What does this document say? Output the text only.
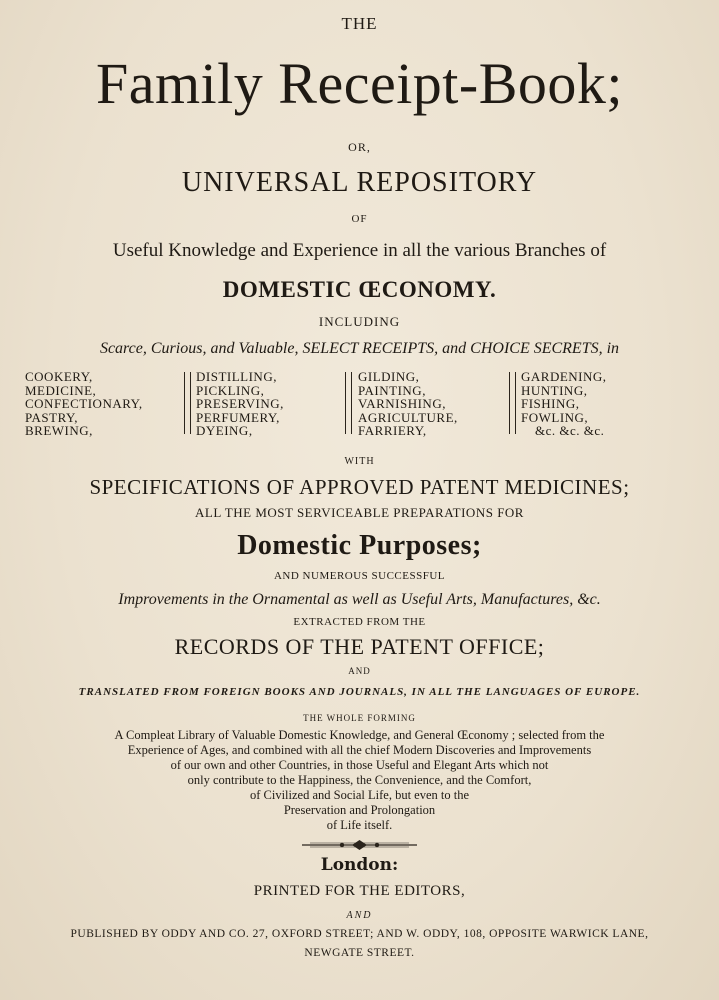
THE
Family Receipt-Book;
OR,
UNIVERSAL REPOSITORY
OF
Useful Knowledge and Experience in all the various Branches of
DOMESTIC ŒCONOMY.
INCLUDING
Scarce, Curious, and Valuable, SELECT RECEIPTS, and CHOICE SECRETS, in
COOKERY,
MEDICINE,
CONFECTIONARY,
PASTRY,
BREWING,
DISTILLING,
PICKLING,
PRESERVING,
PERFUMERY,
DYEING,
GILDING,
PAINTING,
VARNISHING,
AGRICULTURE,
FARRIERY,
GARDENING,
HUNTING,
FISHING,
FOWLING,
&c. &c. &c.
WITH
SPECIFICATIONS OF APPROVED PATENT MEDICINES;
ALL THE MOST SERVICEABLE PREPARATIONS FOR
Domestic Purposes;
AND NUMEROUS SUCCESSFUL
Improvements in the Ornamental as well as Useful Arts, Manufactures, &c.
EXTRACTED FROM THE
RECORDS OF THE PATENT OFFICE;
AND
TRANSLATED FROM FOREIGN BOOKS AND JOURNALS, IN ALL THE LANGUAGES OF EUROPE.
THE WHOLE FORMING
A Compleat Library of Valuable Domestic Knowledge, and General Œconomy ; selected from the
Experience of Ages, and combined with all the chief Modern Discoveries and Improvements
of our own and other Countries, in those Useful and Elegant Arts which not
only contribute to the Happiness, the Convenience, and the Comfort,
of Civilized and Social Life, but even to the
Preservation and Prolongation
of Life itself.
London:
PRINTED FOR THE EDITORS,
AND
PUBLISHED BY ODDY AND CO. 27, OXFORD STREET; AND W. ODDY, 108, OPPOSITE WARWICK LANE,
NEWGATE STREET.
